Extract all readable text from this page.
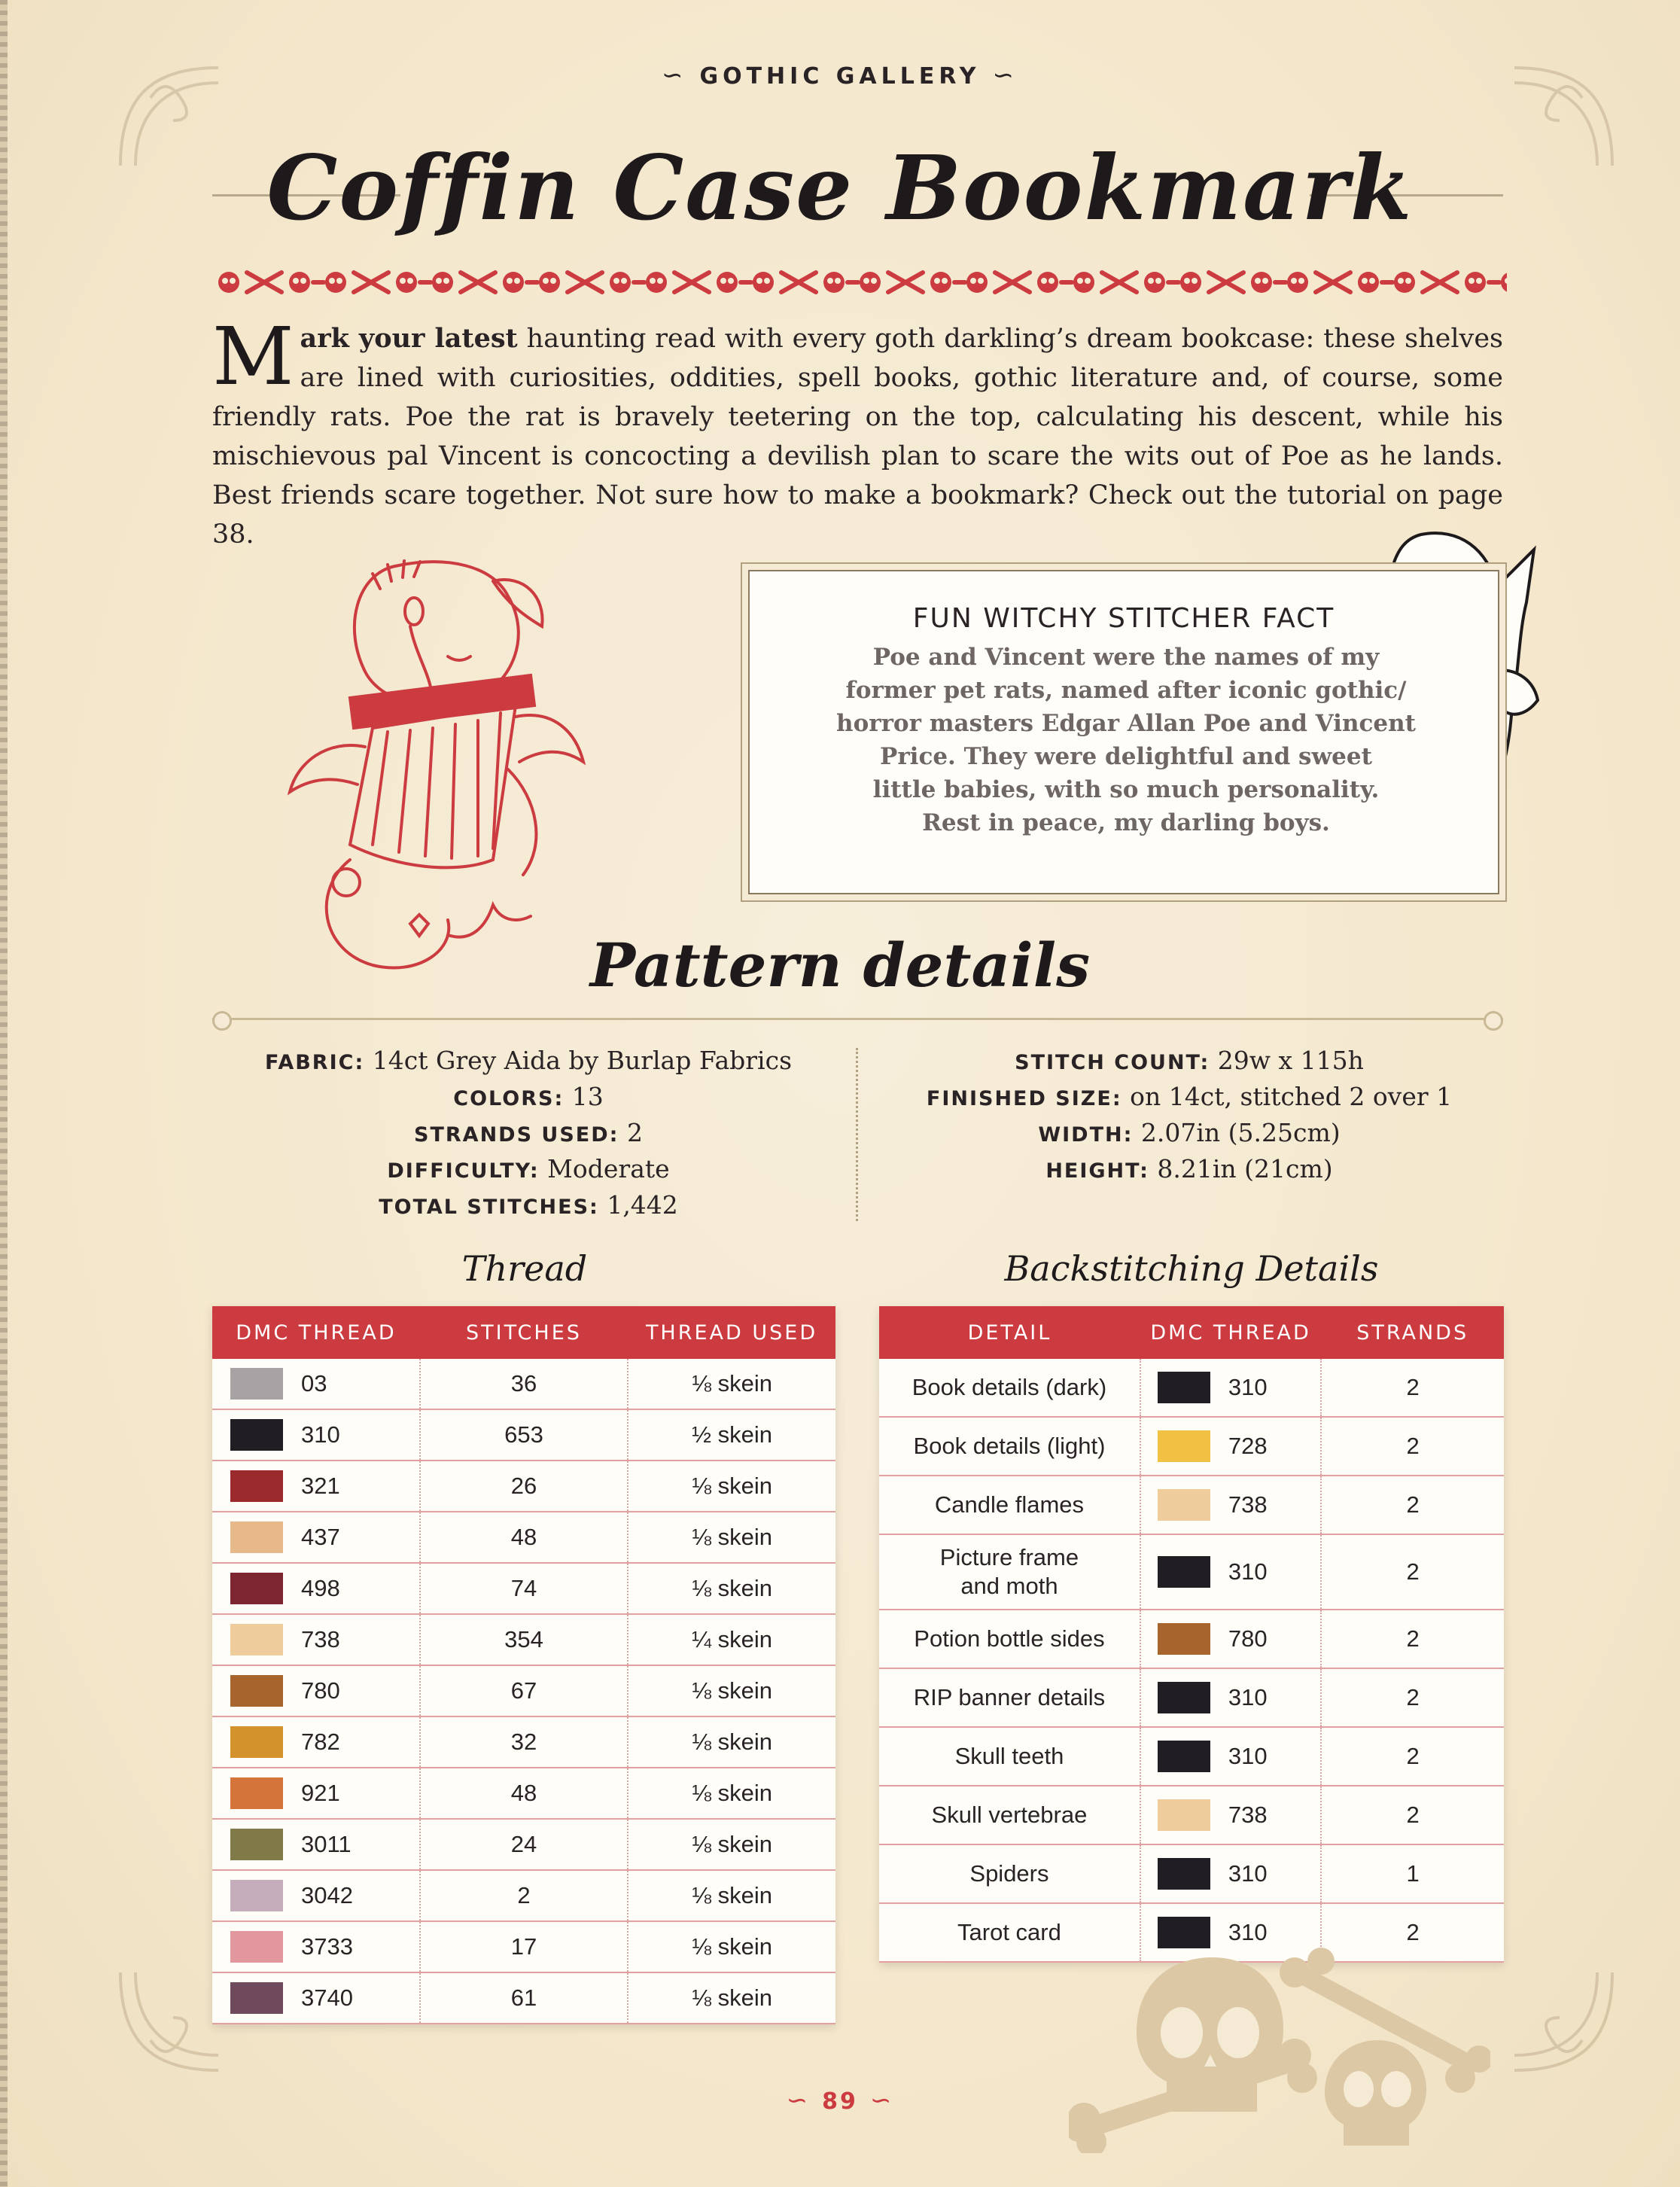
∽ GOTHIC GALLERY ∽
Coffin Case Bookmark
Mark your latest haunting read with every goth darkling’s dream bookcase: these shelves are lined with curiosities, oddities, spell books, gothic literature and, of course, some friendly rats. Poe the rat is bravely teetering on the top, calculating his descent, while his mischievous pal Vincent is concocting a devilish plan to scare the wits out of Poe as he lands. Best friends scare together. Not sure how to make a bookmark? Check out the tutorial on page 38.
FUN WITCHY STITCHER FACT
Poe and Vincent were the names of my
former pet rats, named after iconic gothic/
horror masters Edgar Allan Poe and Vincent
Price. They were delightful and sweet
little babies, with so much personality.
Rest in peace, my darling boys.
Pattern details
FABRIC: 14ct Grey Aida by Burlap Fabrics
COLORS: 13
STRANDS USED: 2
DIFFICULTY: Moderate
TOTAL STITCHES: 1,442
STITCH COUNT: 29w x 115h
FINISHED SIZE: on 14ct, stitched 2 over 1
WIDTH: 2.07in (5.25cm)
HEIGHT: 8.21in (21cm)
Thread	Backstitching Details
DMC THREAD	STITCHES	THREAD USED
03	36	⅛ skein
310	653	½ skein
321	26	⅛ skein
437	48	⅛ skein
498	74	⅛ skein
738	354	¼ skein
780	67	⅛ skein
782	32	⅛ skein
921	48	⅛ skein
3011	24	⅛ skein
3042	2	⅛ skein
3733	17	⅛ skein
3740	61	⅛ skein
DETAIL	DMC THREAD	STRANDS

Book details (dark)	310	2

Book details (light)	728	2

Candle flames	738	2

Picture frame
and moth	310	2

Potion bottle sides	780	2

RIP banner details	310	2

Skull teeth	310	2

Skull vertebrae	738	2

Spiders	310	1

Tarot card	310	2
∽ 89 ∽
